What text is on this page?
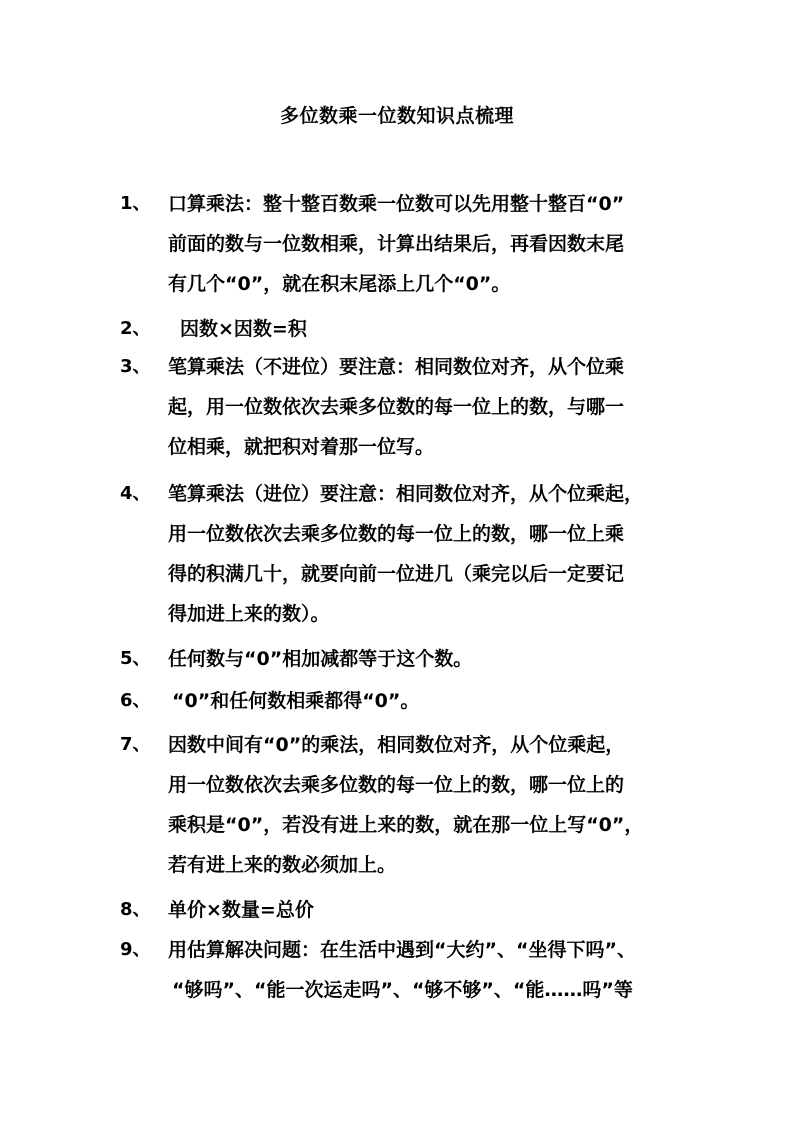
多位数乘一位数知识点梳理
1、 口算乘法：整十整百数乘一位数可以先用整十整百“0”
前面的数与一位数相乘，计算出结果后，再看因数末尾
有几个“0”，就在积末尾添上几个“0”。
2、 因数×因数=积
3、 笔算乘法（不进位）要注意：相同数位对齐，从个位乘
起，用一位数依次去乘多位数的每一位上的数，与哪一
位相乘，就把积对着那一位写。
4、 笔算乘法（进位）要注意：相同数位对齐，从个位乘起，
用一位数依次去乘多位数的每一位上的数，哪一位上乘
得的积满几十，就要向前一位进几（乘完以后一定要记
得加进上来的数）。
5、 任何数与“0”相加减都等于这个数。
6、 “0”和任何数相乘都得“0”。
7、 因数中间有“0”的乘法，相同数位对齐，从个位乘起，
用一位数依次去乘多位数的每一位上的数，哪一位上的
乘积是“0”，若没有进上来的数，就在那一位上写“0”，
若有进上来的数必须加上。
8、 单价×数量=总价
9、 用估算解决问题：在生活中遇到“大约”、“坐得下吗”、
“够吗”、“能一次运走吗”、“够不够”、“能……吗”等
